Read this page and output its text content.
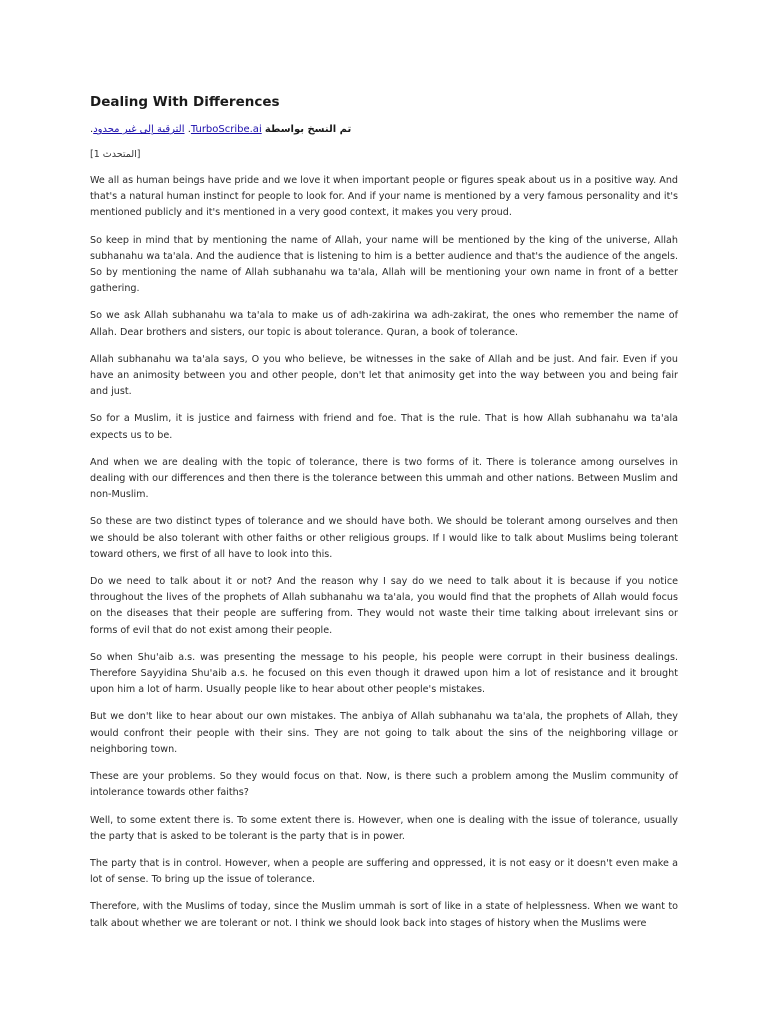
Dealing With Differences
تم النسخ بواسطة TurboScribe.ai. الترقية إلى غير محدود.
[المتحدث 1]

We all as human beings have pride and we love it when important people or figures speak about us in a positive way. And that's a natural human instinct for people to look for. And if your name is mentioned by a very famous personality and it's mentioned publicly and it's mentioned in a very good context, it makes you very proud.

So keep in mind that by mentioning the name of Allah, your name will be mentioned by the king of the universe, Allah subhanahu wa ta'ala. And the audience that is listening to him is a better audience and that's the audience of the angels. So by mentioning the name of Allah subhanahu wa ta'ala, Allah will be mentioning your own name in front of a better gathering.

So we ask Allah subhanahu wa ta'ala to make us of adh-zakirina wa adh-zakirat, the ones who remember the name of Allah. Dear brothers and sisters, our topic is about tolerance. Quran, a book of tolerance.

Allah subhanahu wa ta'ala says, O you who believe, be witnesses in the sake of Allah and be just. And fair. Even if you have an animosity between you and other people, don't let that animosity get into the way between you and being fair and just.

So for a Muslim, it is justice and fairness with friend and foe. That is the rule. That is how Allah subhanahu wa ta'ala expects us to be.

And when we are dealing with the topic of tolerance, there is two forms of it. There is tolerance among ourselves in dealing with our differences and then there is the tolerance between this ummah and other nations. Between Muslim and non-Muslim.

So these are two distinct types of tolerance and we should have both. We should be tolerant among ourselves and then we should be also tolerant with other faiths or other religious groups. If I would like to talk about Muslims being tolerant toward others, we first of all have to look into this.

Do we need to talk about it or not? And the reason why I say do we need to talk about it is because if you notice throughout the lives of the prophets of Allah subhanahu wa ta'ala, you would find that the prophets of Allah would focus on the diseases that their people are suffering from. They would not waste their time talking about irrelevant sins or forms of evil that do not exist among their people.

So when Shu'aib a.s. was presenting the message to his people, his people were corrupt in their business dealings. Therefore Sayyidina Shu'aib a.s. he focused on this even though it drawed upon him a lot of resistance and it brought upon him a lot of harm. Usually people like to hear about other people's mistakes.

But we don't like to hear about our own mistakes. The anbiya of Allah subhanahu wa ta'ala, the prophets of Allah, they would confront their people with their sins. They are not going to talk about the sins of the neighboring village or neighboring town.

These are your problems. So they would focus on that. Now, is there such a problem among the Muslim community of intolerance towards other faiths?

Well, to some extent there is. To some extent there is. However, when one is dealing with the issue of tolerance, usually the party that is asked to be tolerant is the party that is in power.

The party that is in control. However, when a people are suffering and oppressed, it is not easy or it doesn't even make a lot of sense. To bring up the issue of tolerance.

Therefore, with the Muslims of today, since the Muslim ummah is sort of like in a state of helplessness. When we want to talk about whether we are tolerant or not. I think we should look back into stages of history when the Muslims were
